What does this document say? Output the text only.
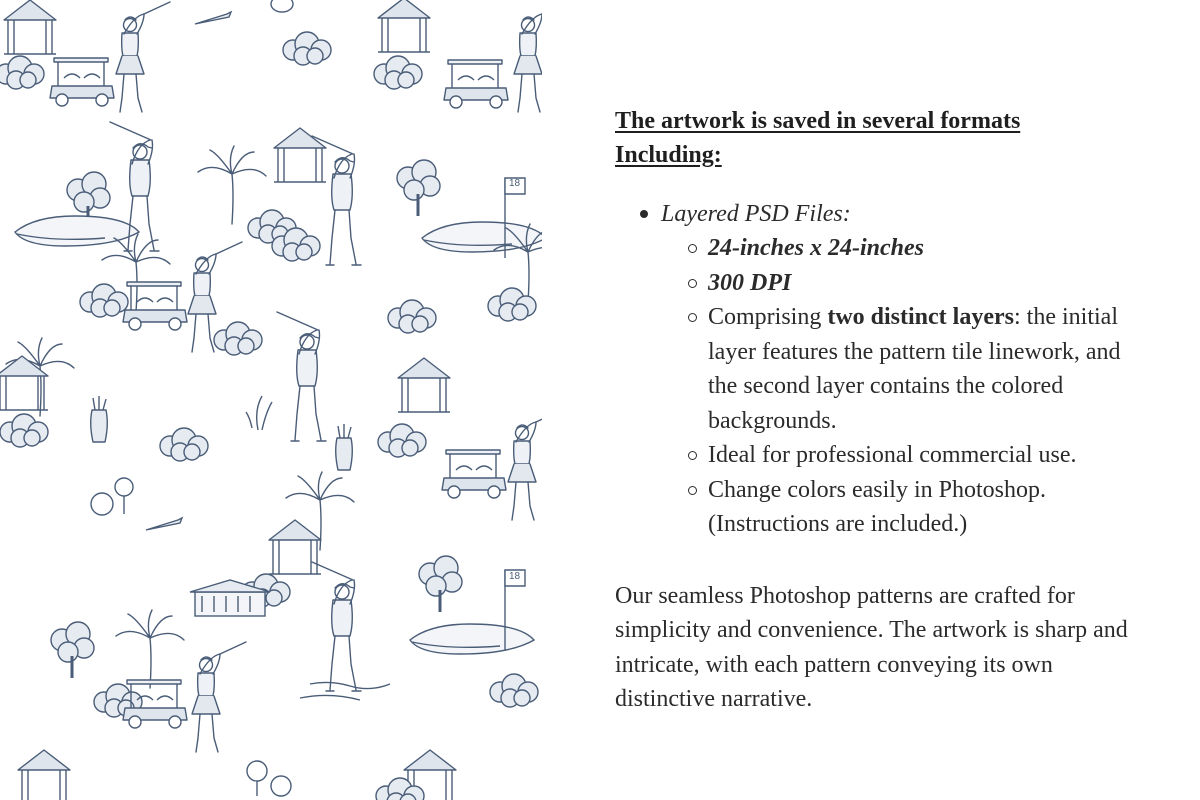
18
18
The artwork is saved in several formats
Including:
Layered PSD Files:
24-inches x 24-inches
300 DPI
Comprising two distinct layers: the initial layer features the pattern tile linework, and the second layer contains the colored backgrounds.
Ideal for professional commercial use.
Change colors easily in Photoshop.
(Instructions are included.)

Our seamless Photoshop patterns are crafted for simplicity and convenience. The artwork is sharp and intricate, with each pattern conveying its own distinctive narrative.
